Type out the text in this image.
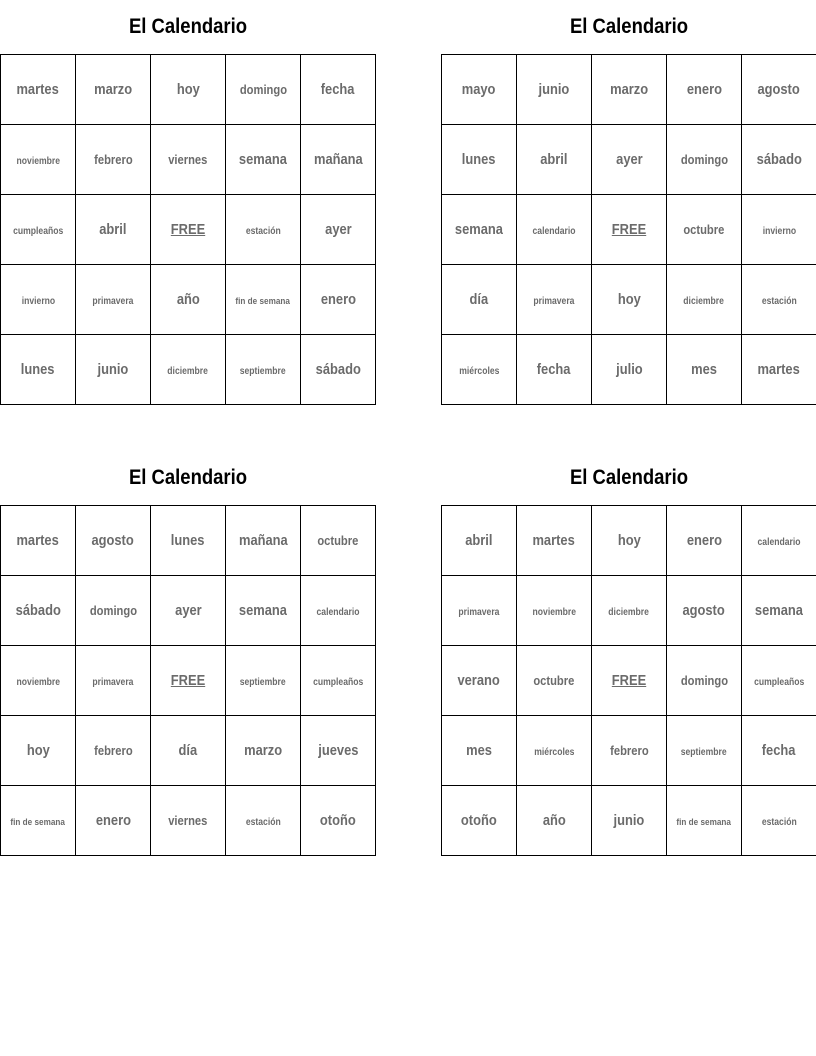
El Calendario
martes	marzo	hoy	domingo	fecha
noviembre	febrero	viernes	semana	mañana
cumpleaños	abril	FREE	estación	ayer
invierno	primavera	año	fin de semana	enero
lunes	junio	diciembre	septiembre	sábado
El Calendario
mayo	junio	marzo	enero	agosto
lunes	abril	ayer	domingo	sábado
semana	calendario	FREE	octubre	invierno
día	primavera	hoy	diciembre	estación
miércoles	fecha	julio	mes	martes
El Calendario
martes	agosto	lunes	mañana	octubre
sábado	domingo	ayer	semana	calendario
noviembre	primavera	FREE	septiembre	cumpleaños
hoy	febrero	día	marzo	jueves
fin de semana	enero	viernes	estación	otoño
El Calendario
abril	martes	hoy	enero	calendario
primavera	noviembre	diciembre	agosto	semana
verano	octubre	FREE	domingo	cumpleaños
mes	miércoles	febrero	septiembre	fecha
otoño	año	junio	fin de semana	estación
